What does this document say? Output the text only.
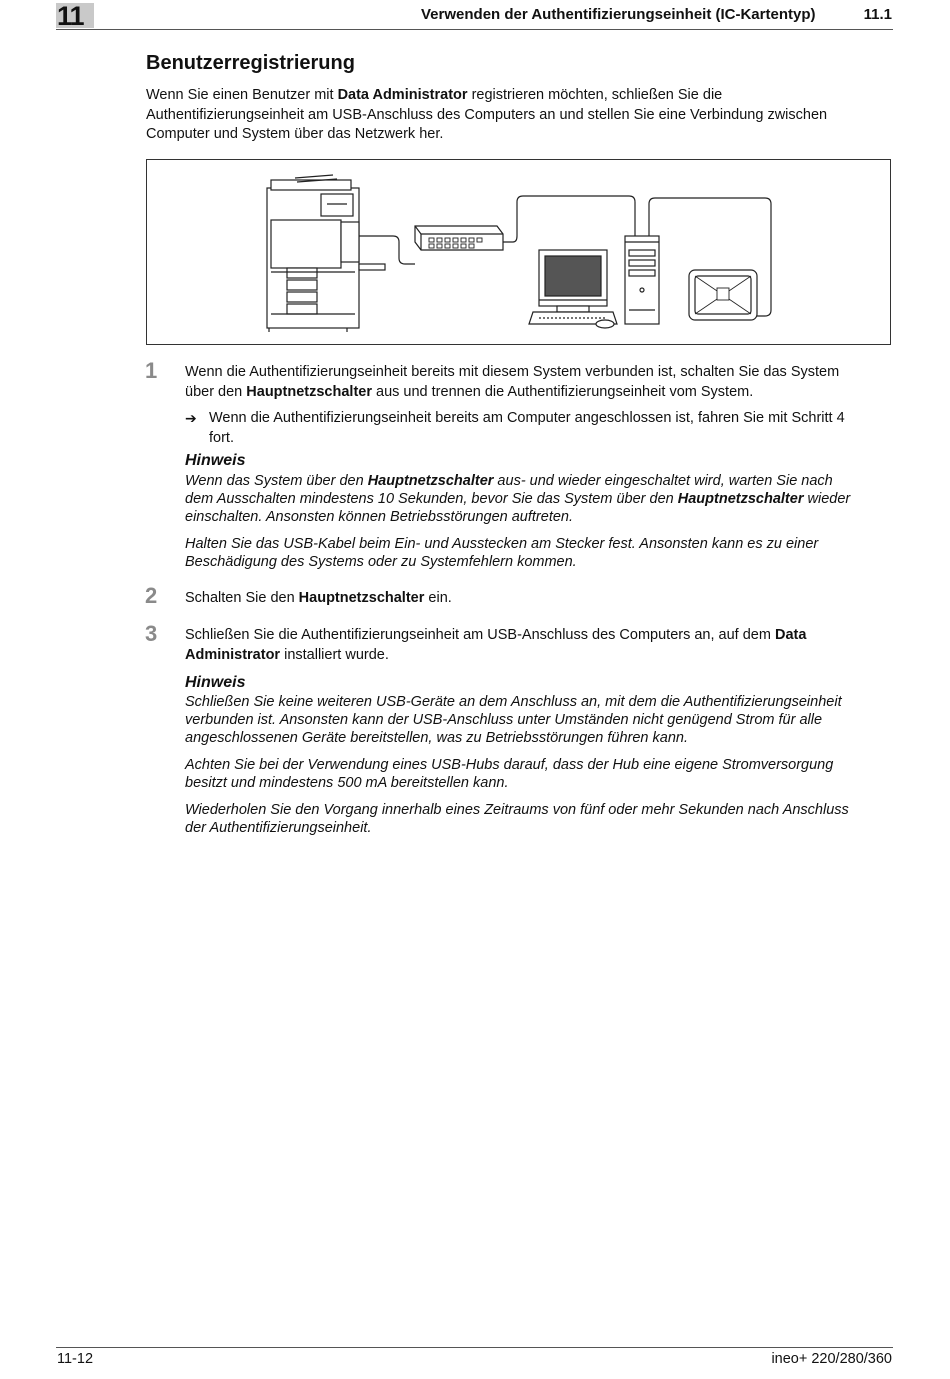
11	Verwenden der Authentifizierungseinheit (IC-Kartentyp)	11.1
Benutzerregistrierung
Wenn Sie einen Benutzer mit Data Administrator registrieren möchten, schließen Sie die
Authentifizierungseinheit am USB-Anschluss des Computers an und stellen Sie eine Verbindung zwischen
Computer und System über das Netzwerk her.
1 Wenn die Authentifizierungseinheit bereits mit diesem System verbunden ist, schalten Sie das System
über den Hauptnetzschalter aus und trennen die Authentifizierungseinheit vom System.
➔ Wenn die Authentifizierungseinheit bereits am Computer angeschlossen ist, fahren Sie mit Schritt 4
fort.
Hinweis
Wenn das System über den Hauptnetzschalter aus- und wieder eingeschaltet wird, warten Sie nach
dem Ausschalten mindestens 10 Sekunden, bevor Sie das System über den Hauptnetzschalter wieder
einschalten. Ansonsten können Betriebsstörungen auftreten.
Halten Sie das USB-Kabel beim Ein- und Ausstecken am Stecker fest. Ansonsten kann es zu einer
Beschädigung des Systems oder zu Systemfehlern kommen.
2 Schalten Sie den Hauptnetzschalter ein.
3 Schließen Sie die Authentifizierungseinheit am USB-Anschluss des Computers an, auf dem Data
Administrator installiert wurde.
Hinweis
Schließen Sie keine weiteren USB-Geräte an dem Anschluss an, mit dem die Authentifizierungseinheit
verbunden ist. Ansonsten kann der USB-Anschluss unter Umständen nicht genügend Strom für alle
angeschlossenen Geräte bereitstellen, was zu Betriebsstörungen führen kann.
Achten Sie bei der Verwendung eines USB-Hubs darauf, dass der Hub eine eigene Stromversorgung
besitzt und mindestens 500 mA bereitstellen kann.
Wiederholen Sie den Vorgang innerhalb eines Zeitraums von fünf oder mehr Sekunden nach Anschluss
der Authentifizierungseinheit.
11-12	ineo+ 220/280/360
